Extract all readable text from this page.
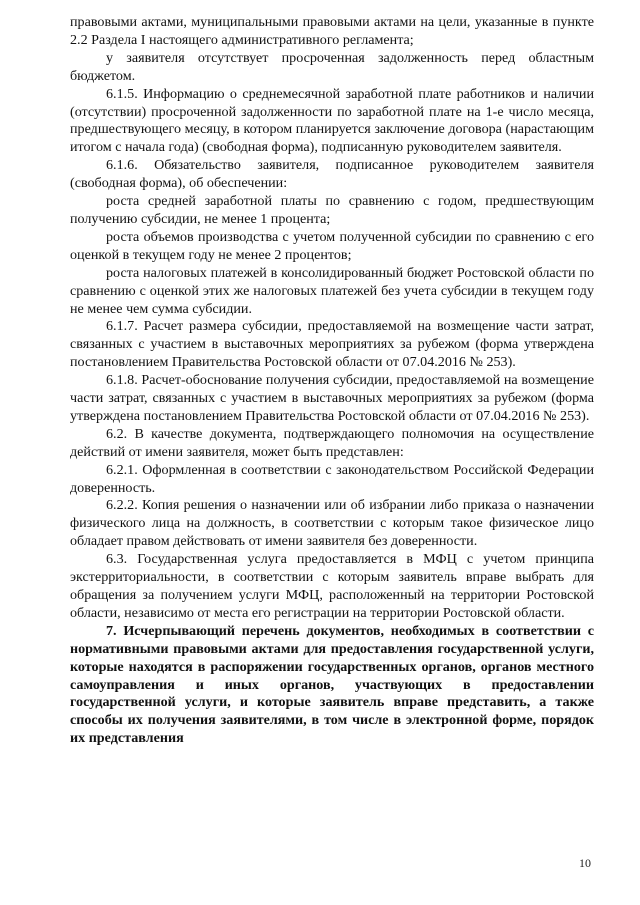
правовыми актами, муниципальными правовыми актами на цели, указанные в пункте 2.2 Раздела I настоящего административного регламента;

у заявителя отсутствует просроченная задолженность перед областным бюджетом.

6.1.5. Информацию о среднемесячной заработной плате работников и наличии (отсутствии) просроченной задолженности по заработной плате на 1-е число месяца, предшествующего месяцу, в котором планируется заключение договора (нарастающим итогом с начала года) (свободная форма), подписанную руководителем заявителя.

6.1.6. Обязательство заявителя, подписанное руководителем заявителя (свободная форма), об обеспечении:

роста средней заработной платы по сравнению с годом, предшествующим получению субсидии, не менее 1 процента;

роста объемов производства с учетом полученной субсидии по сравнению с его оценкой в текущем году не менее 2 процентов;

роста налоговых платежей в консолидированный бюджет Ростовской области по сравнению с оценкой этих же налоговых платежей без учета субсидии в текущем году не менее чем сумма субсидии.

6.1.7. Расчет размера субсидии, предоставляемой на возмещение части затрат, связанных с участием в выставочных мероприятиях за рубежом (форма утверждена постановлением Правительства Ростовской области от 07.04.2016 № 253).

6.1.8. Расчет-обоснование получения субсидии, предоставляемой на возмещение части затрат, связанных с участием в выставочных мероприятиях за рубежом (форма утверждена постановлением Правительства Ростовской области от 07.04.2016 № 253).

6.2. В качестве документа, подтверждающего полномочия на осуществление действий от имени заявителя, может быть представлен:

6.2.1. Оформленная в соответствии с законодательством Российской Федерации доверенность.

6.2.2. Копия решения о назначении или об избрании либо приказа о назначении физического лица на должность, в соответствии с которым такое физическое лицо обладает правом действовать от имени заявителя без доверенности.

6.3. Государственная услуга предоставляется в МФЦ с учетом принципа экстерриториальности, в соответствии с которым заявитель вправе выбрать для обращения за получением услуги МФЦ, расположенный на территории Ростовской области, независимо от места его регистрации на территории Ростовской области.

7. Исчерпывающий перечень документов, необходимых в соответствии с нормативными правовыми актами для предоставления государственной услуги, которые находятся в распоряжении государственных органов, органов местного самоуправления и иных органов, участвующих в предоставлении государственной услуги, и которые заявитель вправе представить, а также способы их получения заявителями, в том числе в электронной форме, порядок их представления

10
